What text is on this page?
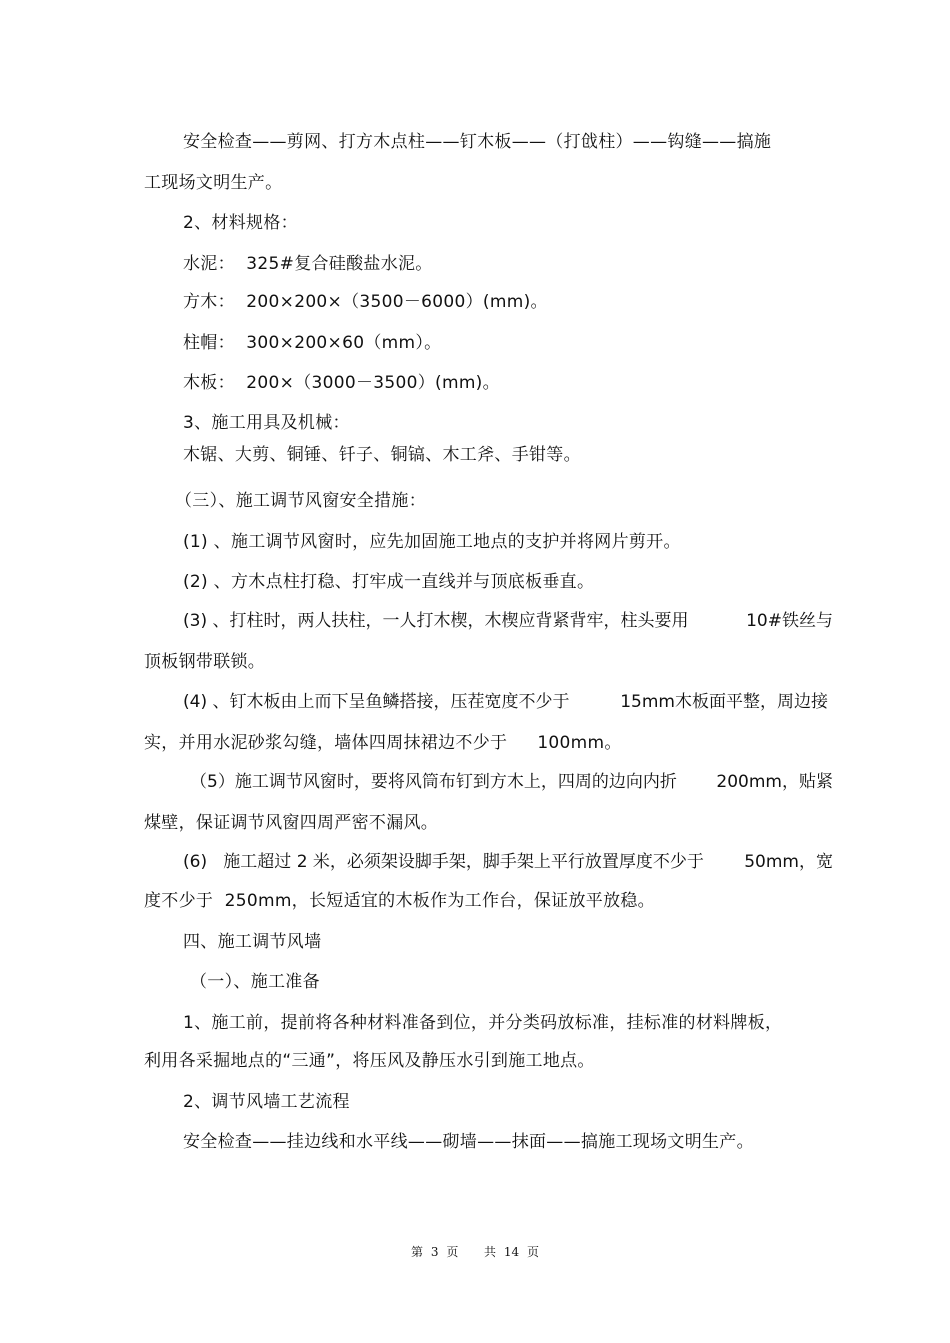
安全检查——剪网、打方木点柱——钉木板——（打戗柱）——钩缝——搞施

工现场文明生产。

2、材料规格：

水泥：  325#复合硅酸盐水泥。

方木：  200×200×（3500－6000）(mm)。

柱帽：  300×200×60（mm）。

木板：  200×（3000－3500）(mm)。

3、施工用具及机械：

木锯、大剪、铜锤、钎子、铜镐、木工斧、手钳等。

（三）、施工调节风窗安全措施：

(1) 、施工调节风窗时，应先加固施工地点的支护并将网片剪开。

(2) 、方木点柱打稳、打牢成一直线并与顶底板垂直。

(3) 、打柱时，两人扶柱，一人打木楔，木楔应背紧背牢，柱头要用	10#铁丝与

顶板钢带联锁。

(4) 、钉木板由上而下呈鱼鳞搭接，压茬宽度不少于	15mm木板面平整，周边接

实，并用水泥砂浆勾缝，墙体四周抹裙边不少于 100mm。

（5）施工调节风窗时，要将风筒布钉到方木上，四周的边向内折 200mm，贴紧

煤壁，保证调节风窗四周严密不漏风。

(6)   施工超过 2 米，必须架设脚手架，脚手架上平行放置厚度不少于 50mm，宽

度不少于  250mm，长短适宜的木板作为工作台，保证放平放稳。

四、施工调节风墙

（一）、施工准备

1、施工前，提前将各种材料准备到位，并分类码放标准，挂标准的材料牌板，

利用各采掘地点的“三通”，将压风及静压水引到施工地点。

2、调节风墙工艺流程

安全检查——挂边线和水平线——砌墙——抹面——搞施工现场文明生产。

第 3 页 共 14 页
